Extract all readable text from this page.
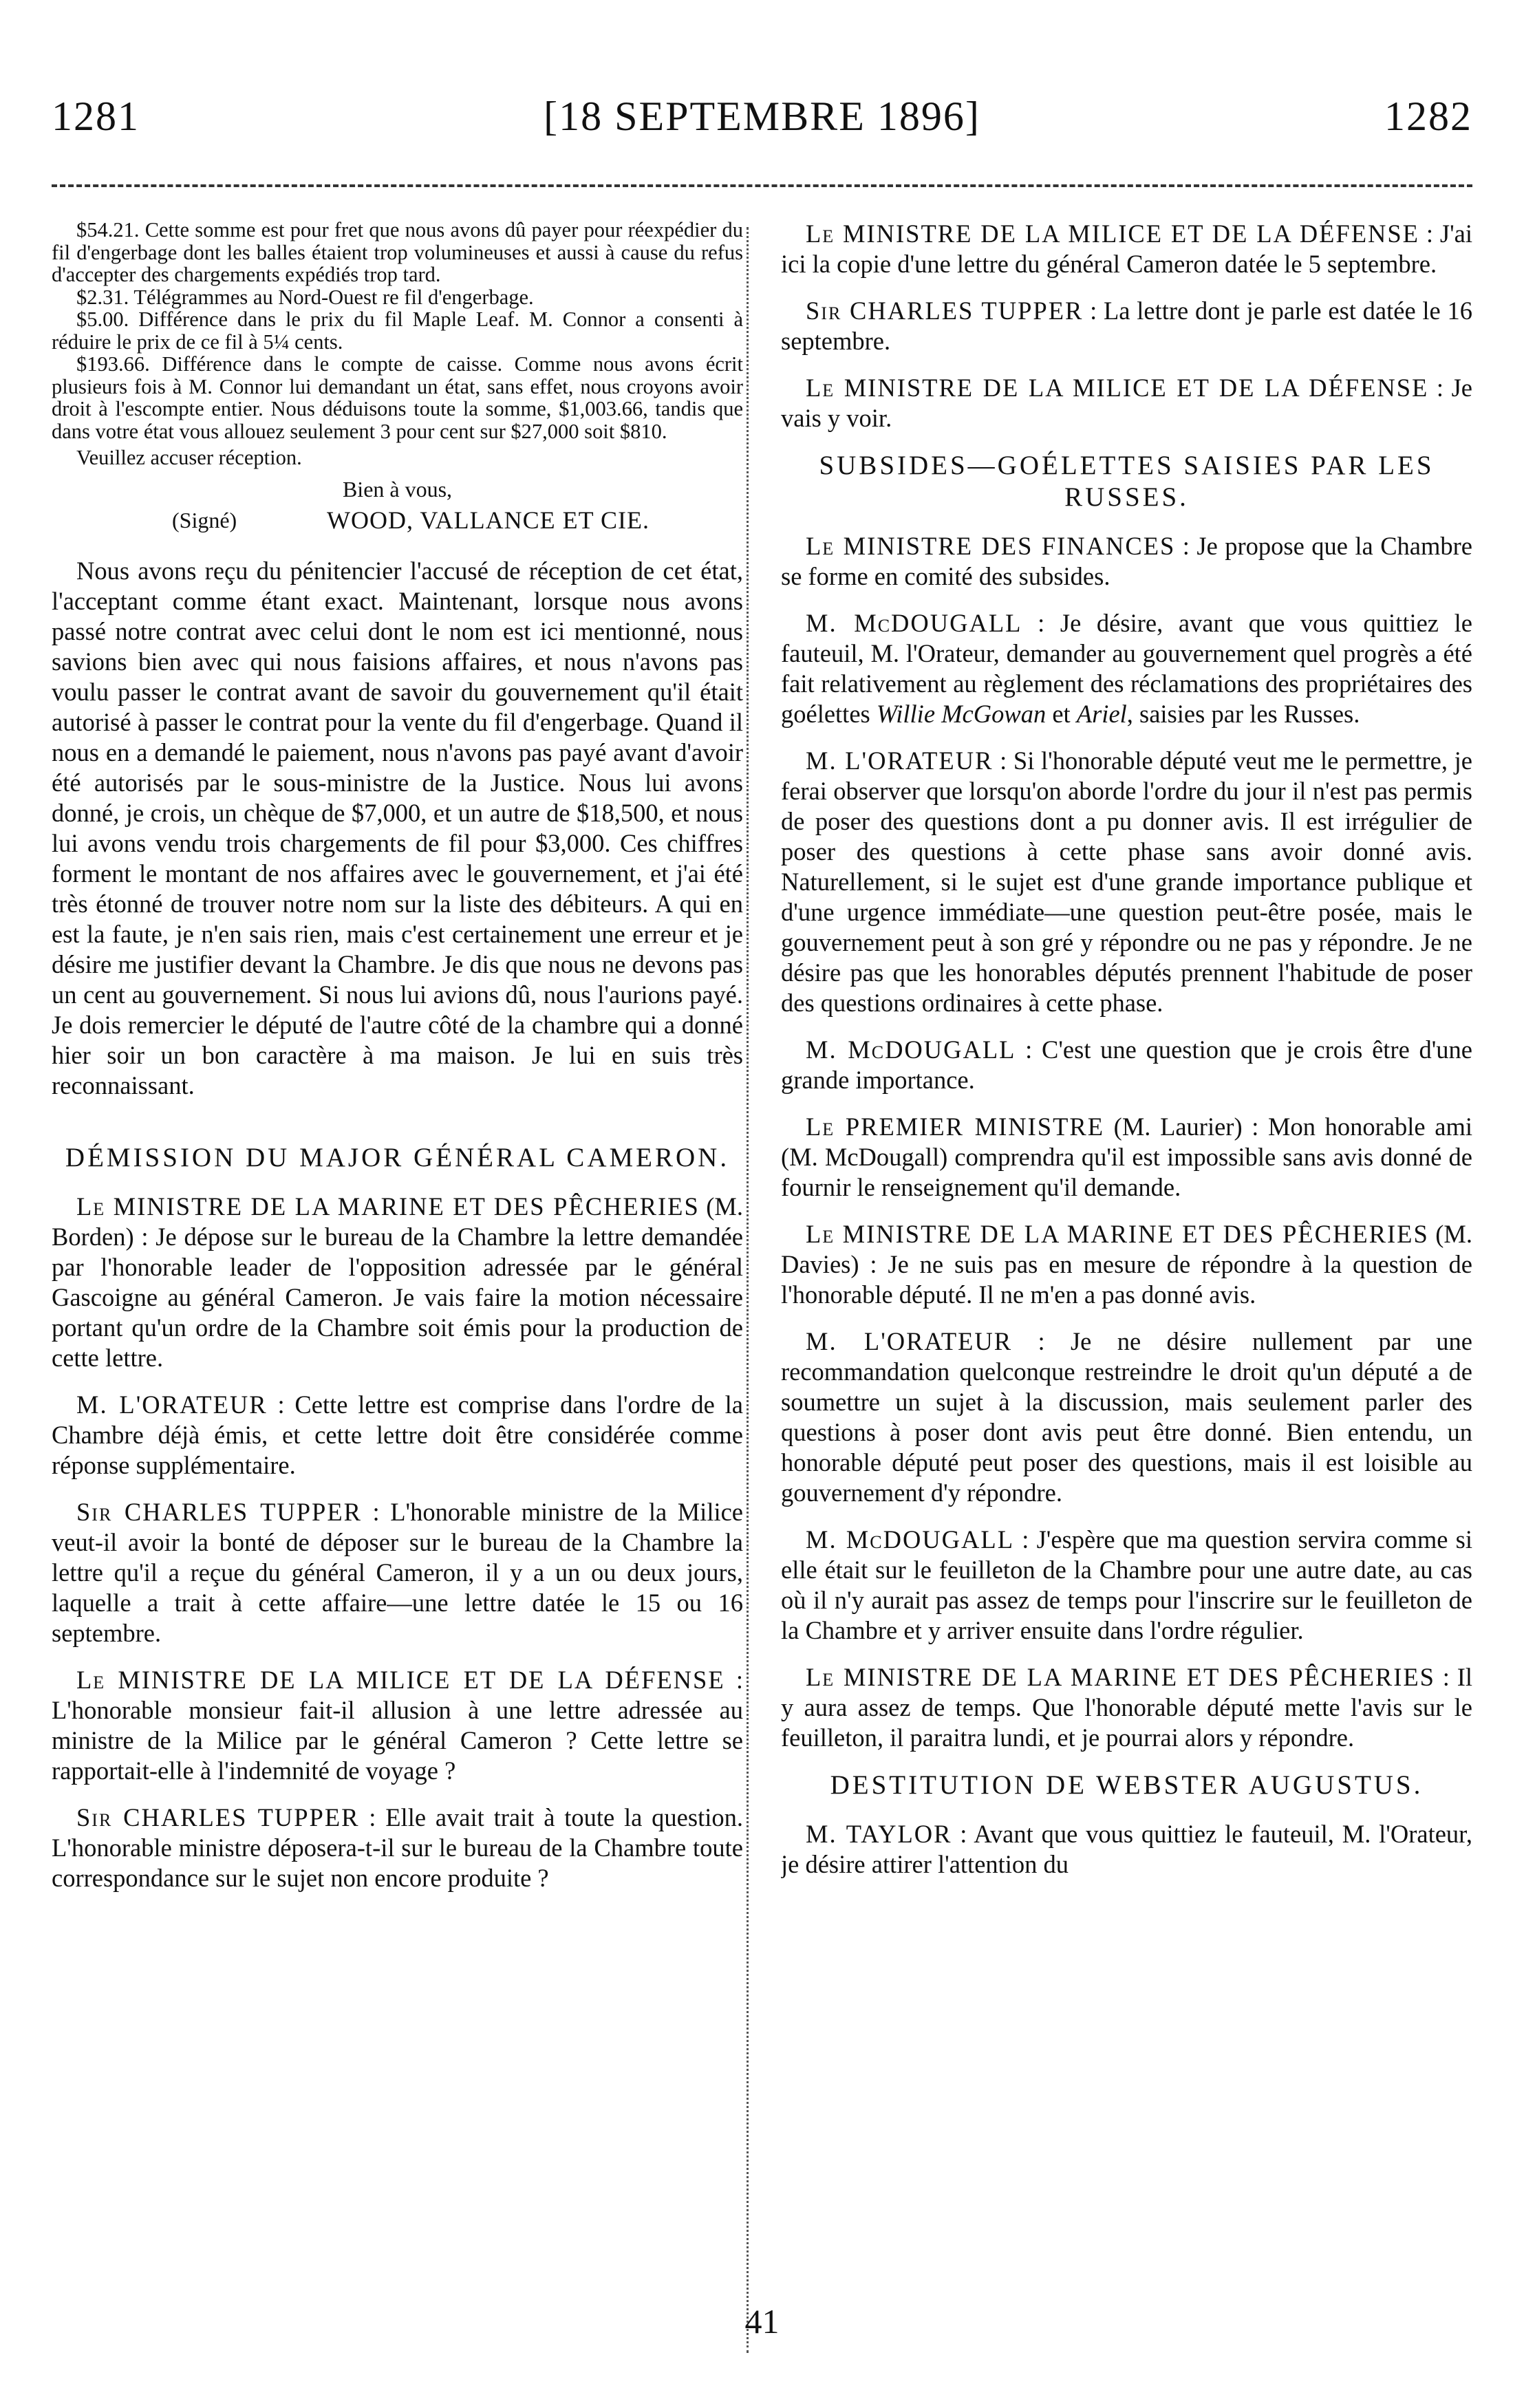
1281	[18 SEPTEMBRE 1896]	1282

$54.21. Cette somme est pour fret que nous avons dû payer pour réexpédier du fil d'engerbage dont les balles étaient trop volumineuses et aussi à cause du refus d'accepter des chargements expédiés trop tard.

$2.31. Télégrammes au Nord-Ouest re fil d'engerbage.

$5.00. Différence dans le prix du fil Maple Leaf. M. Connor a consenti à réduire le prix de ce fil à 5¼ cents.

$193.66. Différence dans le compte de caisse. Comme nous avons écrit plusieurs fois à M. Connor lui demandant un état, sans effet, nous croyons avoir droit à l'escompte entier. Nous déduisons toute la somme, $1,003.66, tandis que dans votre état vous allouez seulement 3 pour cent sur $27,000 soit $810.

Veuillez accuser réception.

Bien à vous,

(Signé)	WOOD, VALLANCE ET CIE.

Nous avons reçu du pénitencier l'accusé de réception de cet état, l'acceptant comme étant exact. Maintenant, lorsque nous avons passé notre contrat avec celui dont le nom est ici mentionné, nous savions bien avec qui nous faisions affaires, et nous n'avons pas voulu passer le contrat avant de savoir du gouvernement qu'il était autorisé à passer le contrat pour la vente du fil d'engerbage. Quand il nous en a demandé le paiement, nous n'avons pas payé avant d'avoir été autorisés par le sous-ministre de la Justice. Nous lui avons donné, je crois, un chèque de $7,000, et un autre de $18,500, et nous lui avons vendu trois chargements de fil pour $3,000. Ces chiffres forment le montant de nos affaires avec le gouvernement, et j'ai été très étonné de trouver notre nom sur la liste des débiteurs. A qui en est la faute, je n'en sais rien, mais c'est certainement une erreur et je désire me justifier devant la Chambre. Je dis que nous ne devons pas un cent au gouvernement. Si nous lui avions dû, nous l'aurions payé. Je dois remercier le député de l'autre côté de la chambre qui a donné hier soir un bon caractère à ma maison. Je lui en suis très reconnaissant.

DÉMISSION DU MAJOR GÉNÉRAL CAMERON.

Le MINISTRE DE LA MARINE ET DES PÊCHERIES (M. Borden) : Je dépose sur le bureau de la Chambre la lettre demandée par l'honorable leader de l'opposition adressée par le général Gascoigne au général Cameron. Je vais faire la motion nécessaire portant qu'un ordre de la Chambre soit émis pour la production de cette lettre.

M. L'ORATEUR : Cette lettre est comprise dans l'ordre de la Chambre déjà émis, et cette lettre doit être considérée comme réponse supplémentaire.

Sir CHARLES TUPPER : L'honorable ministre de la Milice veut-il avoir la bonté de déposer sur le bureau de la Chambre la lettre qu'il a reçue du général Cameron, il y a un ou deux jours, laquelle a trait à cette affaire—une lettre datée le 15 ou 16 septembre.

Le MINISTRE DE LA MILICE ET DE LA DÉFENSE : L'honorable monsieur fait-il allusion à une lettre adressée au ministre de la Milice par le général Cameron ? Cette lettre se rapportait-elle à l'indemnité de voyage ?

Sir CHARLES TUPPER : Elle avait trait à toute la question. L'honorable ministre déposera-t-il sur le bureau de la Chambre toute correspondance sur le sujet non encore produite ?

Le MINISTRE DE LA MILICE ET DE LA DÉFENSE : J'ai ici la copie d'une lettre du général Cameron datée le 5 septembre.

Sir CHARLES TUPPER : La lettre dont je parle est datée le 16 septembre.

Le MINISTRE DE LA MILICE ET DE LA DÉFENSE : Je vais y voir.

SUBSIDES—GOÉLETTES SAISIES PAR LES RUSSES.

Le MINISTRE DES FINANCES : Je propose que la Chambre se forme en comité des subsides.

M. McDOUGALL : Je désire, avant que vous quittiez le fauteuil, M. l'Orateur, demander au gouvernement quel progrès a été fait relativement au règlement des réclamations des propriétaires des goélettes Willie McGowan et Ariel, saisies par les Russes.

M. L'ORATEUR : Si l'honorable député veut me le permettre, je ferai observer que lorsqu'on aborde l'ordre du jour il n'est pas permis de poser des questions dont a pu donner avis. Il est irrégulier de poser des questions à cette phase sans avoir donné avis. Naturellement, si le sujet est d'une grande importance publique et d'une urgence immédiate—une question peut-être posée, mais le gouvernement peut à son gré y répondre ou ne pas y répondre. Je ne désire pas que les honorables députés prennent l'habitude de poser des questions ordinaires à cette phase.

M. McDOUGALL : C'est une question que je crois être d'une grande importance.

Le PREMIER MINISTRE (M. Laurier) : Mon honorable ami (M. McDougall) comprendra qu'il est impossible sans avis donné de fournir le renseignement qu'il demande.

Le MINISTRE DE LA MARINE ET DES PÊCHERIES (M. Davies) : Je ne suis pas en mesure de répondre à la question de l'honorable député. Il ne m'en a pas donné avis.

M. L'ORATEUR : Je ne désire nullement par une recommandation quelconque restreindre le droit qu'un député a de soumettre un sujet à la discussion, mais seulement parler des questions à poser dont avis peut être donné. Bien entendu, un honorable député peut poser des questions, mais il est loisible au gouvernement d'y répondre.

M. McDOUGALL : J'espère que ma question servira comme si elle était sur le feuilleton de la Chambre pour une autre date, au cas où il n'y aurait pas assez de temps pour l'inscrire sur le feuilleton de la Chambre et y arriver ensuite dans l'ordre régulier.

Le MINISTRE DE LA MARINE ET DES PÊCHERIES : Il y aura assez de temps. Que l'honorable député mette l'avis sur le feuilleton, il paraitra lundi, et je pourrai alors y répondre.

DESTITUTION DE WEBSTER AUGUSTUS.

M. TAYLOR : Avant que vous quittiez le fauteuil, M. l'Orateur, je désire attirer l'attention du

41
